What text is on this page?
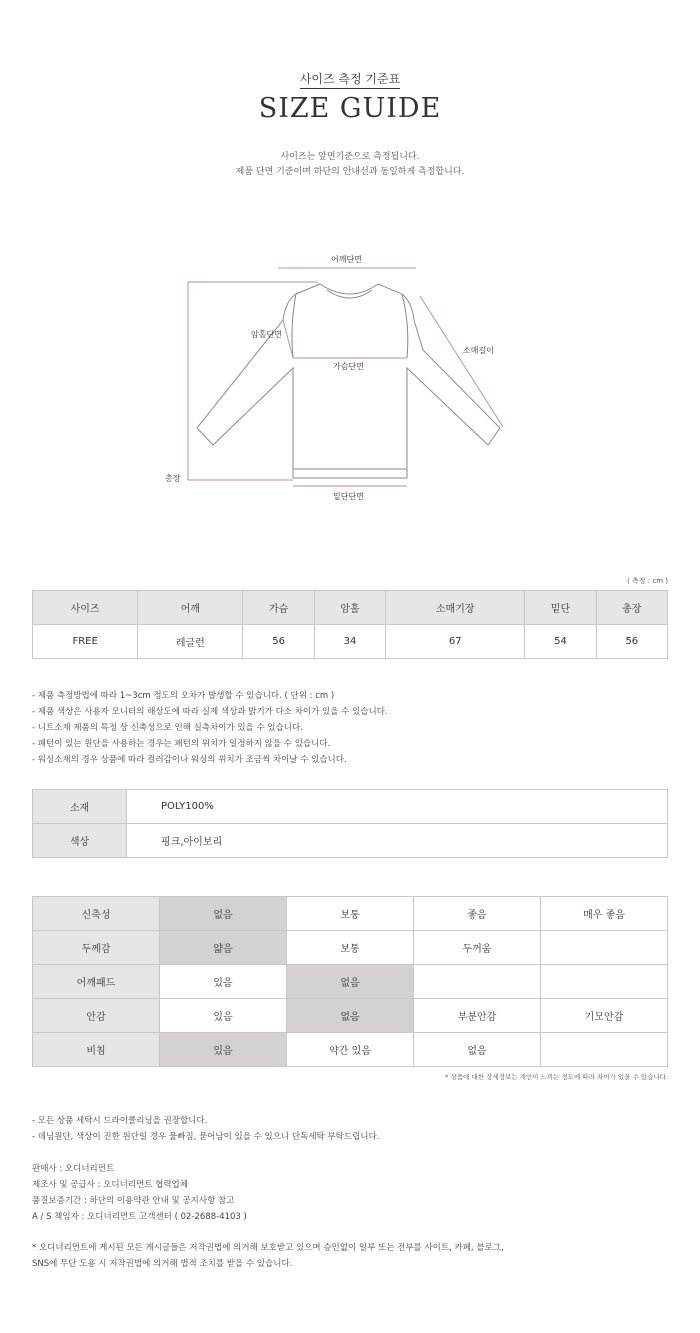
사이즈 측정 기준표
SIZE GUIDE
사이즈는 앞면기준으로 측정됩니다.
제품 단면 기준이며 하단의 안내선과 동일하게 측정합니다.
어깨단면
암홀단면
소매길이
가슴단면
총장
밑단단면
( 측정 : cm )
사이즈	어깨	가슴	암홀	소매기장	밑단	총장
FREE	레글런	56	34	67	54	56
- 제품 측정방법에 따라 1~3cm 정도의 오차가 발생할 수 있습니다. ( 단위 : cm )
- 제품 색상은 사용자 모니터의 해상도에 따라 실제 색상과 밝기가 다소 차이가 있을 수 있습니다.
- 니트소재 제품의 특정 상 신축성으로 인해 실측차이가 있을 수 있습니다.
- 패턴이 있는 원단을 사용하는 경우는 패턴의 위치가 일정하지 않을 수 있습니다.
- 워싱소재의 경우 상품에 따라 컬러감이나 워싱의 위치가 조금씩 차이날 수 있습니다.
소재	POLY100%
색상	핑크,아이보리
신축성	없음	보통	좋음	매우 좋음
두께감	얇음	보통	두꺼움	
어깨패드	있음	없음		
안감	있음	없음	부분안감	기모안감
비침	있음	약간 있음	없음	
* 상품에 대한 상세정보는 개인이 느끼는 정도에 따라 차이가 있을 수 있습니다.
- 모든 상품 세탁시 드라이클리닝을 권장합니다.
- 데님원단, 색상이 진한 원단일 경우 물빠짐, 묻어남이 있을 수 있으니 단독세탁 부탁드립니다.
판매사 : 오디너리먼트
제조사 및 공급사 : 오디너리먼트 협력업체
품질보증기간 : 하단의 이용약관 안내 및 공지사항 참고
A / S 책임자 : 오디너리먼트 고객센터 ( 02-2688-4103 )
* 오디너리먼트에 게시된 모든 게시글들은 저작권법에 의거해 보호받고 있으며 승인없이 일부 또는 전부를 사이트, 카페, 블로그,
SNS에 무단 도용 시 저작권법에 의거해 법적 조치를 받을 수 있습니다.
